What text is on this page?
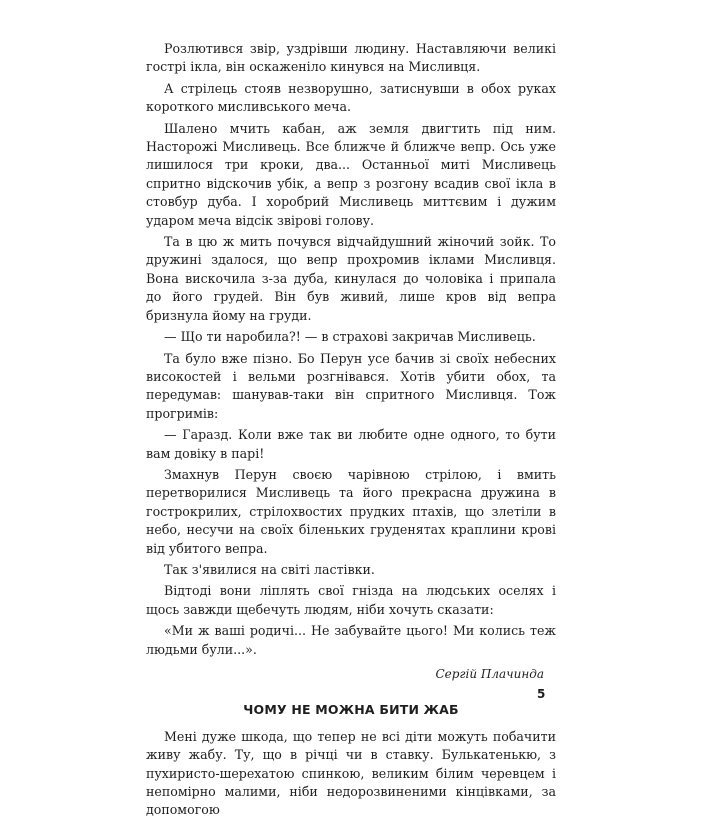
Розлютився звір, уздрівши людину. Наставляючи великі гострі ікла, він оскаженіло кинувся на Мисливця.

А стрілець стояв незворушно, затиснувши в обох руках короткого мисливського меча.

Шалено мчить кабан, аж земля двигтить під ним. Насторожі Мисливець. Все ближче й ближче вепр. Ось уже лишилося три кроки, два... Останньої миті Мисливець спритно відскочив убік, а вепр з розгону всадив свої ікла в стовбур дуба. І хоробрий Мисливець миттєвим і дужим ударом меча відсік звірові голову.

Та в цю ж мить почувся відчайдушний жіночий зойк. То дружині здалося, що вепр прохромив іклами Мисливця. Вона вискочила з-за дуба, кинулася до чоловіка і припала до його грудей. Він був живий, лише кров від вепра бризнула йому на груди.

— Що ти наробила?! — в страхові закричав Мисливець.

Та було вже пізно. Бо Перун усе бачив зі своїх небесних високостей і вельми розгнівався. Хотів убити обох, та передумав: шанував-таки він спритного Мисливця. Тож прогримів:

— Гаразд. Коли вже так ви любите одне одного, то бути вам довіку в парі!

Змахнув Перун своєю чарівною стрілою, і вмить перетворилися Мисливець та його прекрасна дружина в гострокрилих, стрілохвостих прудких птахів, що злетіли в небо, несучи на своїх біленьких груденятах краплини крові від убитого вепра.

Так з'явилися на світі ластівки.

Відтоді вони ліплять свої гнізда на людських оселях і щось завжди щебечуть людям, ніби хочуть сказати:

«Ми ж ваші родичі... Не забувайте цього! Ми колись теж людьми були...».

Сергій Плачинда

ЧОМУ НЕ МОЖНА БИТИ ЖАБ

Мені дуже шкода, що тепер не всі діти можуть побачити живу жабу. Ту, що в річці чи в ставку. Булькатенькю, з пухиристо-шерехатою спинкою, великим білим черевцем і непомірно малими, ніби недорозвиненими кінцівками, за допомогою

5
